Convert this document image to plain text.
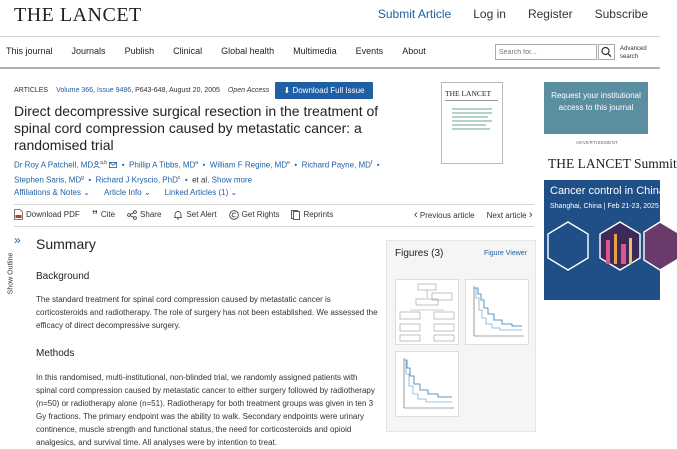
THE LANCET	Submit Article Log in Register Subscribe
This journal Journals Publish Clinical Global health Multimedia Events About
Search for...	Advanced search
ARTICLES Volume 366, Issue 9486, P643-648, August 20, 2005 Open Access	⬇ Download Full Issue
Direct decompressive surgical resection in the treatment of spinal cord compression caused by metastatic cancer: a randomised trial
Dr Roy A Patchell, MD $^{a,b}$   •  Phillip A Tibbs, $MD^a$  •  William F Regine, MDe  •  Richard Payne, $MD^f$  •
Stephen Saris, $MD^g$  •  Richard J Kryscio, PhD$^c$  •  et al. Show more
Affiliations & Notes ⌄ Article Info ⌄ Linked Articles (1) ⌄
Download PDF ” Cite	Share	Set Alert	Get Rights	Reprints	‹ Previous article Next article ›
»
Show Outline
Summary
Background
The standard treatment for spinal cord compression caused by metastatic cancer is corticosteroids and radiotherapy. The role of surgery has not been established. We assessed the efficacy of direct decompressive surgery.
Methods
In this randomised, multi-institutional, non-blinded trial, we randomly assigned patients with spinal cord compression caused by metastatic cancer to either surgery followed by radiotherapy (n=50) or radiotherapy alone (n=51). Radiotherapy for both treatment groups was given in ten 3 Gy fractions. The primary endpoint was the ability to walk. Secondary endpoints were urinary continence, muscle strength and functional status, the need for corticosteroids and opioid analgesics, and survival time. All analyses were by intention to treat.
Figures (3)	Figure Viewer
THE LANCET	Request your institutional access to this journal
ADVERTISEMENT
THE LANCET Summit
Cancer control in China
Shanghai, China | Feb 21-23, 2025
